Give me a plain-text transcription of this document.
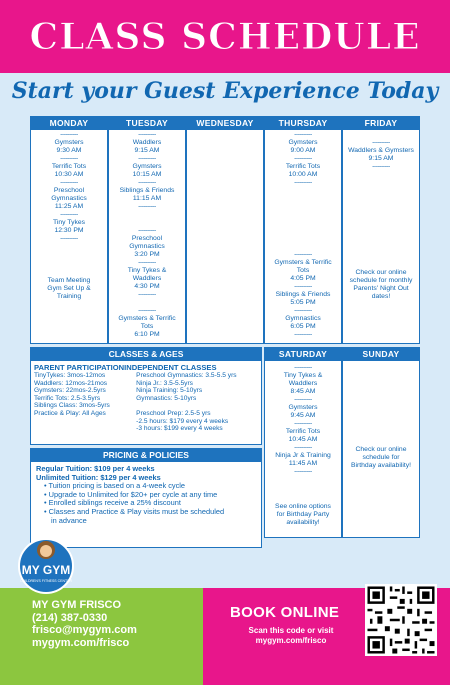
CLASS SCHEDULE
Start your Guest Experience Today
MONDAY
----------
Gymsters
9:30 AM
----------
Terrific Tots
10:30 AM
----------
Preschool
Gymnastics
11:25 AM
----------
Tiny Tykes
12:30 PM
----------
Team Meeting
Gym Set Up &
Training
TUESDAY
----------
Waddlers
9:15 AM
----------
Gymsters
10:15 AM
----------
Siblings & Friends
11:15 AM
----------
----------
Preschool
Gymnastics
3:20 PM
----------
Tiny Tykes &
Waddlers
4:30 PM
----------
----------
Gymsters & Terrific
Tots
6:10 PM
WEDNESDAY	THURSDAY
----------
Gymsters
9:00 AM
----------
Terrific Tots
10:00 AM
----------
----------
Gymsters & Terrific
Tots
4:05 PM
----------
Siblings & Friends
5:05 PM
----------
Gymnastics
6:05 PM
----------
FRIDAY
----------
Waddlers & Gymsters
9:15 AM
----------
Check our online
schedule for monthly
Parents' Night Out
dates!
SATURDAY
----------
Tiny Tykes &
Waddlers
8:45 AM
----------
Gymsters
9:45 AM
----------
Terrific Tots
10:45 AM
----------
Ninja Jr & Training
11:45 AM
----------
See online options
for Birthday Party
availability!
SUNDAY
Check our online
schedule for
Birthday availability!
CLASSES & AGES
PARENT PARTICIPATIONINDEPENDENT CLASSES
TinyTykes: 3mos-12mos
Waddlers: 12mos-21mos
Gymsters: 22mos-2.5yrs
Terrific Tots: 2.5-3.5yrs
Siblings Class: 3mos-5yrs
Practice & Play: All Ages
Preschool Gymnastics: 3.5-5.5 yrs
Ninja Jr.: 3.5-5.5yrs
Ninja Training: 5-10yrs
Gymnastics: 5-10yrs

Preschool Prep: 2.5-5 yrs
-2.5 hours: $179 every 4 weeks
-3 hours: $199 every 4 weeks
PRICING & POLICIES
Regular Tuition: $109 per 4 weeks
Unlimited Tuition: $129 per 4 weeks
• Tuition pricing is based on a 4-week cycle
• Upgrade to Unlimited for $20+ per cycle at any time
• Enrolled siblings receive a 25% discount
• Classes and Practice & Play visits must be scheduled
in advance
MY GYM
CHILDREN'S FITNESS CENTER
MY GYM FRISCO
(214) 387-0330
frisco@mygym.com
mygym.com/frisco
BOOK ONLINE
Scan this code or visit
mygym.com/frisco
